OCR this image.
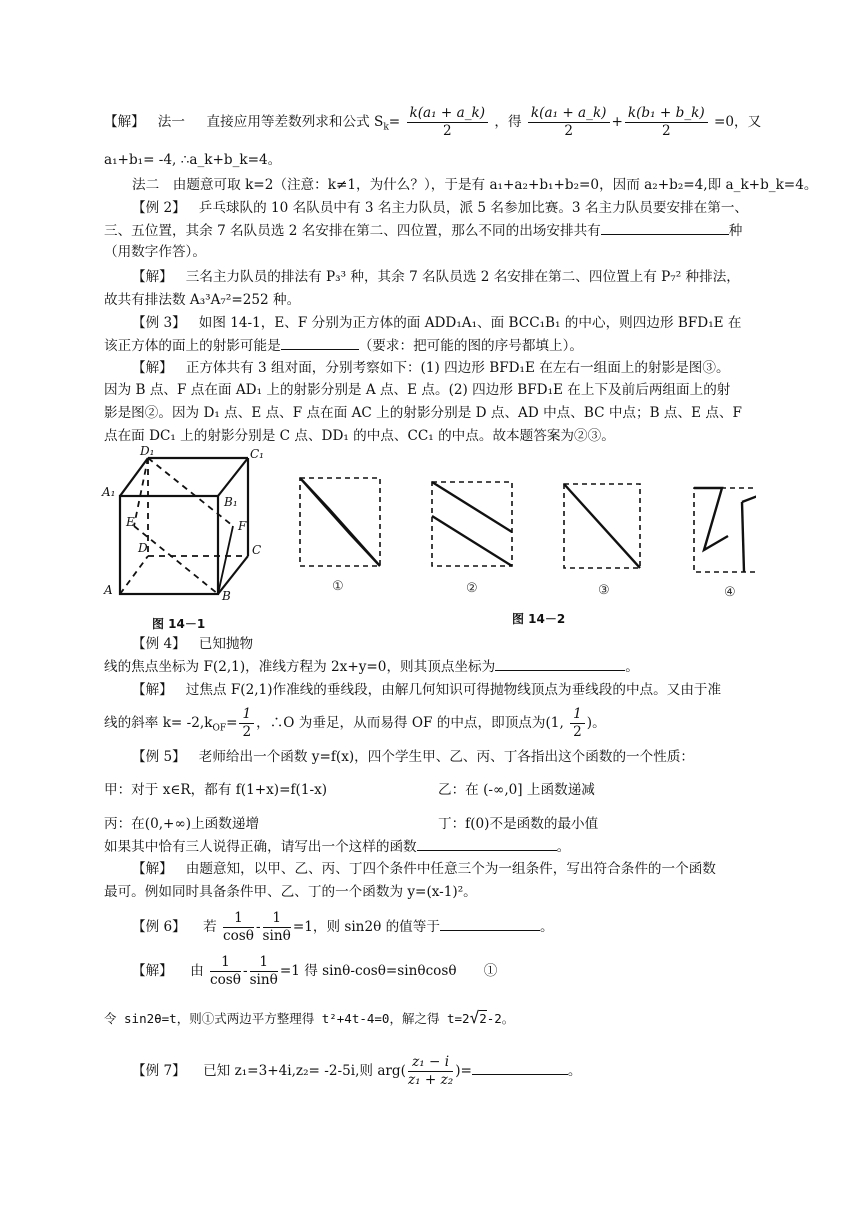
【解】 法一 直接应用等差数列求和公式 $S_k= \frac{\text{k(a₁ + a\_k)}}{2}$ ，得 $\frac{\text{k(a₁ + a\_k)}}{2} + \frac{\text{k(b₁ + b\_k)}}{2} =0$，又
a₁+b₁= -4, ∴a_k+b_k=4。
法二　由题意可取 k=2（注意：k≠1，为什么？），于是有 a₁+a₂+b₁+b₂=0，因而 a₂+b₂=4,即 a_k+b_k=4。
【例 2】 乒乓球队的 10 名队员中有 3 名主力队员，派 5 名参加比赛。3 名主力队员要安排在第一、
三、五位置，其余 7 名队员选 2 名安排在第二、四位置，那么不同的出场安排共有	种
（用数字作答）。
【解】 三名主力队员的排法有 P₃³ 种，其余 7 名队员选 2 名安排在第二、四位置上有 P₇² 种排法，
故共有排法数 A₃³A₇²=252 种。
【例 3】 如图 14-1，E、F 分别为正方体的面 ADD₁A₁、面 BCC₁B₁ 的中心，则四边形 BFD₁E 在
该正方体的面上的射影可能是	（要求：把可能的图的序号都填上）。
【解】 正方体共有 3 组对面，分别考察如下：(1) 四边形 BFD₁E 在左右一组面上的射影是图③。
因为 B 点、F 点在面 AD₁ 上的射影分别是 A 点、E 点。(2) 四边形 BFD₁E 在上下及前后两组面上的射
影是图②。因为 D₁ 点、E 点、F 点在面 AC 上的射影分别是 D 点、AD 中点、BC 中点；B 点、E 点、F
点在面 DC₁ 上的射影分别是 C 点、DD₁ 的中点、CC₁ 的中点。故本题答案为②③。
D₁	C₁
A₁
B₁
E	F
D	C
A	B
图 14－1
①	②	③	④
图 14－2
【例 4】 已知抛物
线的焦点坐标为 F(2,1)，准线方程为 2x+y=0，则其顶点坐标为	。
【解】 过焦点 F(2,1)作准线的垂线段，由解几何知识可得抛物线顶点为垂线段的中点。又由于准
线的斜率 $k= -2,k_{OF}= \frac{1}{2}$ ，∴O 为垂足，从而易得 OF 的中点，即顶点为(1, $\frac{1}{2}$ )。
【例 5】 老师给出一个函数 y=f(x)，四个学生甲、乙、丙、丁各指出这个函数的一个性质：
甲：对于 x∈R，都有 f(1+x)=f(1-x)	乙：在 (-∞,0] 上函数递减
丙：在(0,+∞)上函数递增	丁：f(0)不是函数的最小值
如果其中恰有三人说得正确，请写出一个这样的函数	。
【解】 由题意知，以甲、乙、丙、丁四个条件中任意三个为一组条件，写出符合条件的一个函数
最可。例如同时具备条件甲、乙、丁的一个函数为 y=(x-1)²。
【例 6】 若 $\frac{1}{\cos\theta} - \frac{1}{\sin\theta} =1$，则 sin2θ 的值等于	。
【解】 由 $\frac{1}{\cos\theta} - \frac{1}{\sin\theta} =1$ 得 sinθ-cosθ=sinθcosθ　　①
令 sin2θ=t，则①式两边平方整理得 t²+4t-4=0，解之得 t=2√2-2。
【例 7】 已知 z₁=3+4i,z₂= -2-5i,则 $arg( \frac{\text{z₁ − i}}{\text{z₁ + z₂}}$ )=	。
